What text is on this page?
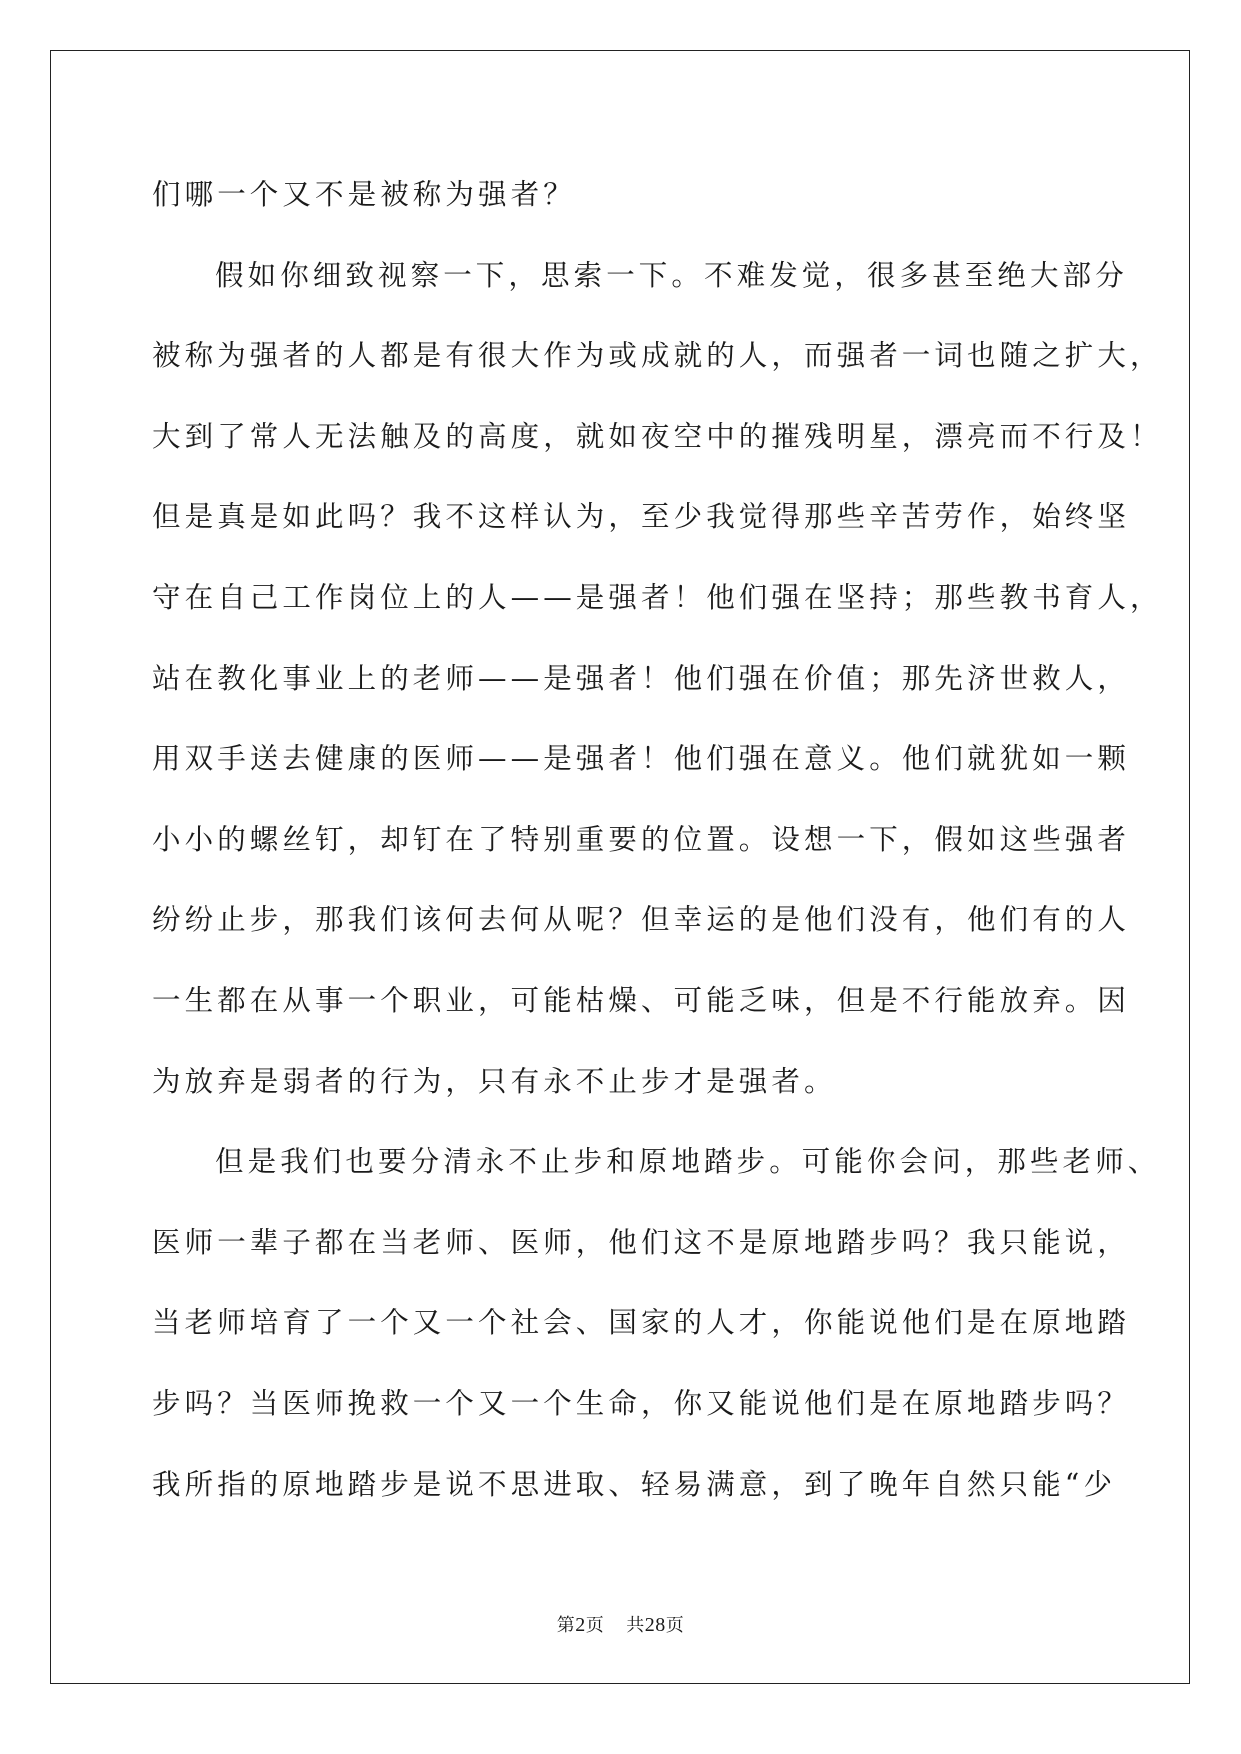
们哪一个又不是被称为强者？
假如你细致视察一下，思索一下。不难发觉，很多甚至绝大部分
被称为强者的人都是有很大作为或成就的人，而强者一词也随之扩大，
大到了常人无法触及的高度，就如夜空中的摧残明星，漂亮而不行及！
但是真是如此吗？我不这样认为，至少我觉得那些辛苦劳作，始终坚
守在自己工作岗位上的人——是强者！他们强在坚持；那些教书育人，
站在教化事业上的老师——是强者！他们强在价值；那先济世救人，
用双手送去健康的医师——是强者！他们强在意义。他们就犹如一颗
小小的螺丝钉，却钉在了特别重要的位置。设想一下，假如这些强者
纷纷止步，那我们该何去何从呢？但幸运的是他们没有，他们有的人
一生都在从事一个职业，可能枯燥、可能乏味，但是不行能放弃。因
为放弃是弱者的行为，只有永不止步才是强者。
但是我们也要分清永不止步和原地踏步。可能你会问，那些老师、
医师一辈子都在当老师、医师，他们这不是原地踏步吗？我只能说，
当老师培育了一个又一个社会、国家的人才，你能说他们是在原地踏
步吗？当医师挽救一个又一个生命，你又能说他们是在原地踏步吗？
我所指的原地踏步是说不思进取、轻易满意，到了晚年自然只能“少
第2页 共28页
